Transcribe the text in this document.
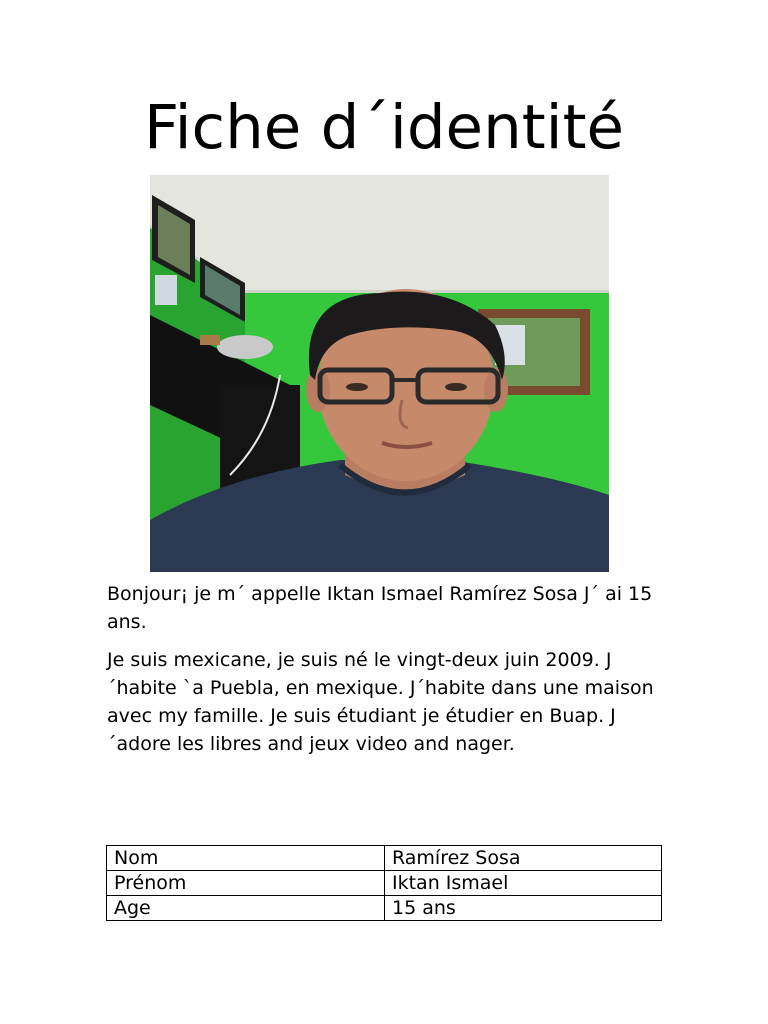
Fiche d´identité

Bonjour¡ je m´ appelle Iktan Ismael Ramírez Sosa J´ ai 15 ans.

Je suis mexicane, je suis né le vingt-deux juin 2009. J ´habite `a Puebla, en mexique. J´habite dans une maison avec my famille. Je suis étudiant je étudier en Buap. J´adore les libres and jeux video and nager.

Nom	Ramírez Sosa
Prénom	Iktan Ismael
Age	15 ans
